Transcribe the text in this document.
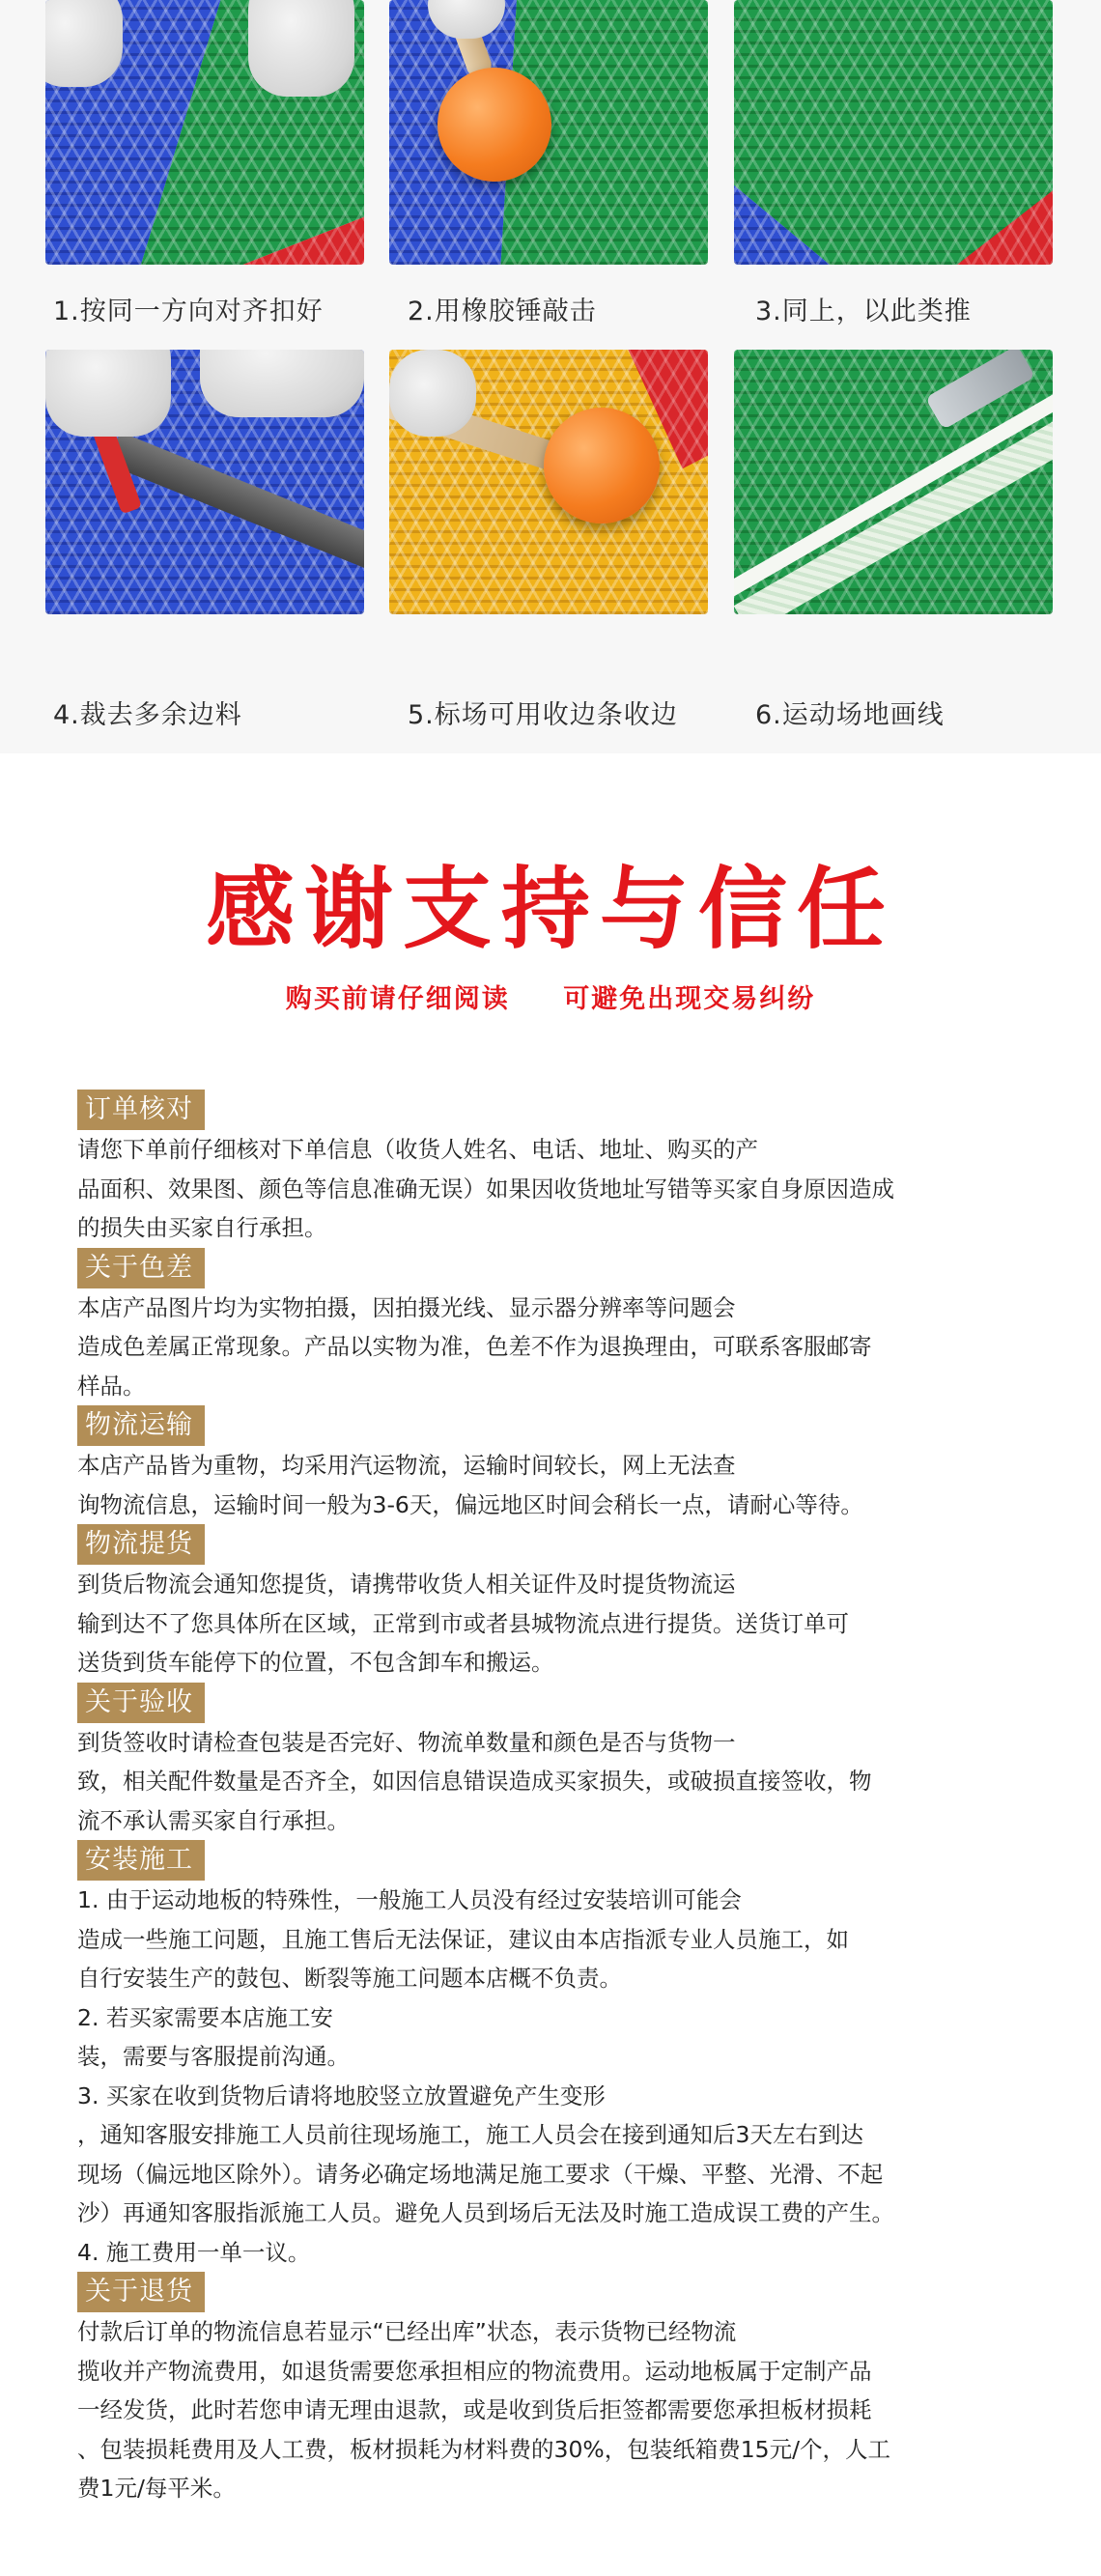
1.按同一方向对齐扣好	2.用橡胶锤敲击	3.同上，以此类推
4.裁去多余边料	5.标场可用收边条收边	6.运动场地画线
感谢支持与信任
购买前请仔细阅读 可避免出现交易纠纷
订单核对

请您下单前仔细核对下单信息（收货人姓名、电话、地址、购买的产

品面积、效果图、颜色等信息准确无误）如果因收货地址写错等买家自身原因造成

的损失由买家自行承担。

关于色差

本店产品图片均为实物拍摄，因拍摄光线、显示器分辨率等问题会

造成色差属正常现象。产品以实物为准，色差不作为退换理由，可联系客服邮寄

样品。

物流运输

本店产品皆为重物，均采用汽运物流，运输时间较长，网上无法查

询物流信息，运输时间一般为3-6天，偏远地区时间会稍长一点，请耐心等待。

物流提货

到货后物流会通知您提货，请携带收货人相关证件及时提货物流运

输到达不了您具体所在区域，正常到市或者县城物流点进行提货。送货订单可

送货到货车能停下的位置，不包含卸车和搬运。

关于验收

到货签收时请检查包装是否完好、物流单数量和颜色是否与货物一

致，相关配件数量是否齐全，如因信息错误造成买家损失，或破损直接签收，物

流不承认需买家自行承担。

安装施工

1. 由于运动地板的特殊性，一般施工人员没有经过安装培训可能会

造成一些施工问题，且施工售后无法保证，建议由本店指派专业人员施工，如

自行安装生产的鼓包、断裂等施工问题本店概不负责。

2. 若买家需要本店施工安

装，需要与客服提前沟通。

3. 买家在收到货物后请将地胶竖立放置避免产生变形

，通知客服安排施工人员前往现场施工，施工人员会在接到通知后3天左右到达

现场（偏远地区除外）。请务必确定场地满足施工要求（干燥、平整、光滑、不起

沙）再通知客服指派施工人员。避免人员到场后无法及时施工造成误工费的产生。

4. 施工费用一单一议。

关于退货

付款后订单的物流信息若显示“已经出库”状态，表示货物已经物流

揽收并产物流费用，如退货需要您承担相应的物流费用。运动地板属于定制产品

一经发货，此时若您申请无理由退款，或是收到货后拒签都需要您承担板材损耗

、包装损耗费用及人工费，板材损耗为材料费的30%，包装纸箱费15元/个，人工

费1元/每平米。
